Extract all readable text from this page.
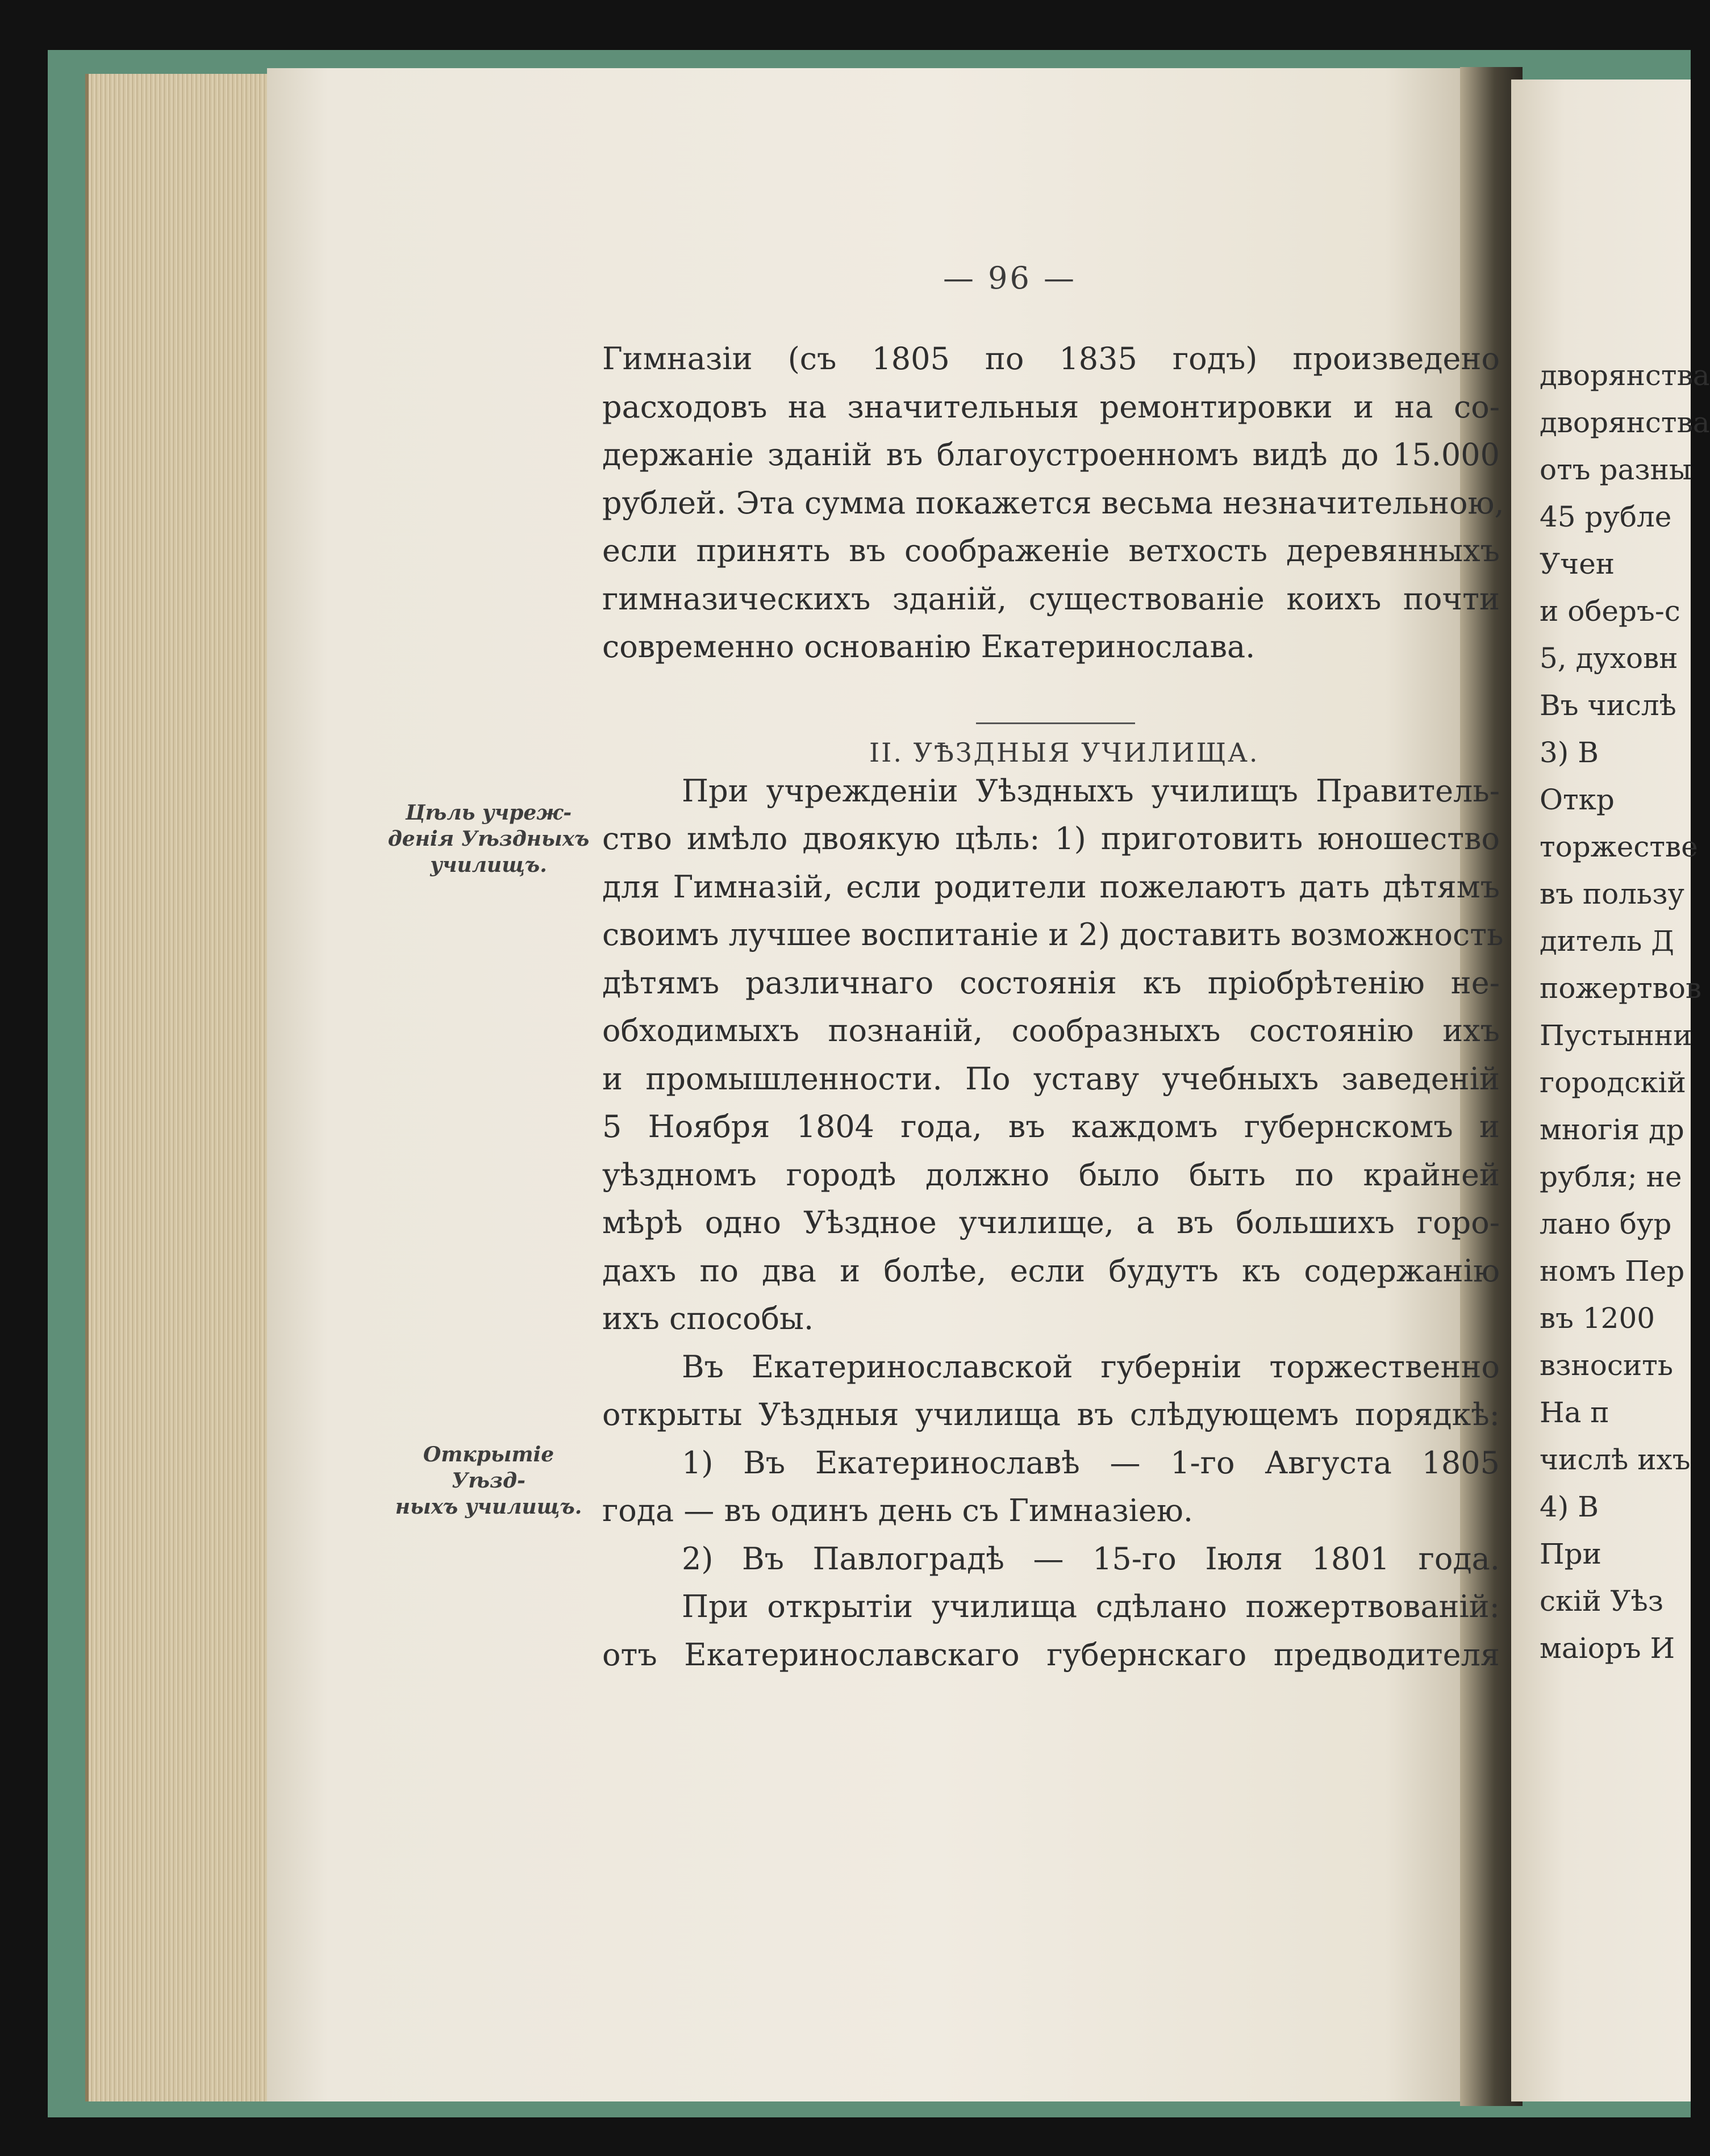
— 96 —

Гимназіи (съ 1805 по 1835 годъ) произведено

расходовъ на значительныя ремонтировки и на со-

держаніе зданій въ благоустроенномъ видѣ до 15.000

рублей. Эта сумма покажется весьма незначительною,

если принять въ соображеніе ветхость деревянныхъ

гимназическихъ зданій, существованіе коихъ почти

современно основанію Екатеринослава.

При учрежденіи Уѣздныхъ училищъ Правитель-

ство имѣло двоякую цѣль: 1) приготовить юношество

для Гимназій, если родители пожелаютъ дать дѣтямъ

своимъ лучшее воспитаніе и 2) доставить возможность

дѣтямъ различнаго состоянія къ пріобрѣтенію не-

обходимыхъ познаній, сообразныхъ состоянію ихъ

и промышленности. По уставу учебныхъ заведеній

5 Ноября 1804 года, въ каждомъ губернскомъ и

уѣздномъ городѣ должно было быть по крайней

мѣрѣ одно Уѣздное училище, а въ большихъ горо-

дахъ по два и болѣе, если будутъ къ содержанію

ихъ способы.

Въ Екатеринославской губерніи торжественно

открыты Уѣздныя училища въ слѣдующемъ порядкѣ:

1) Въ Екатеринославѣ — 1-го Августа 1805

года — въ одинъ день съ Гимназіею.

2) Въ Павлоградѣ — 15-го Іюля 1801 года.

При открытіи училища сдѣлано пожертвованій:

отъ Екатеринославскаго губернскаго предводителя

II. УѢЗДНЫЯ УЧИЛИЩА.
Цѣль учреж-
денія Уѣздныхъ
училищъ.
Открытіе Уѣзд-
ныхъ училищъ.

дворянства

дворянства

отъ разны

45 рубле

Учен

и оберъ-с

5, духовн

Въ числѣ

3) В

Откр

торжестве

въ пользу

дитель Д

пожертвов

Пустынни

городскій

многія др

рубля; не

лано бур

номъ Пер

въ 1200

взносить

На п

числѣ ихъ

4) В

При

скій Уѣз

маіоръ И
